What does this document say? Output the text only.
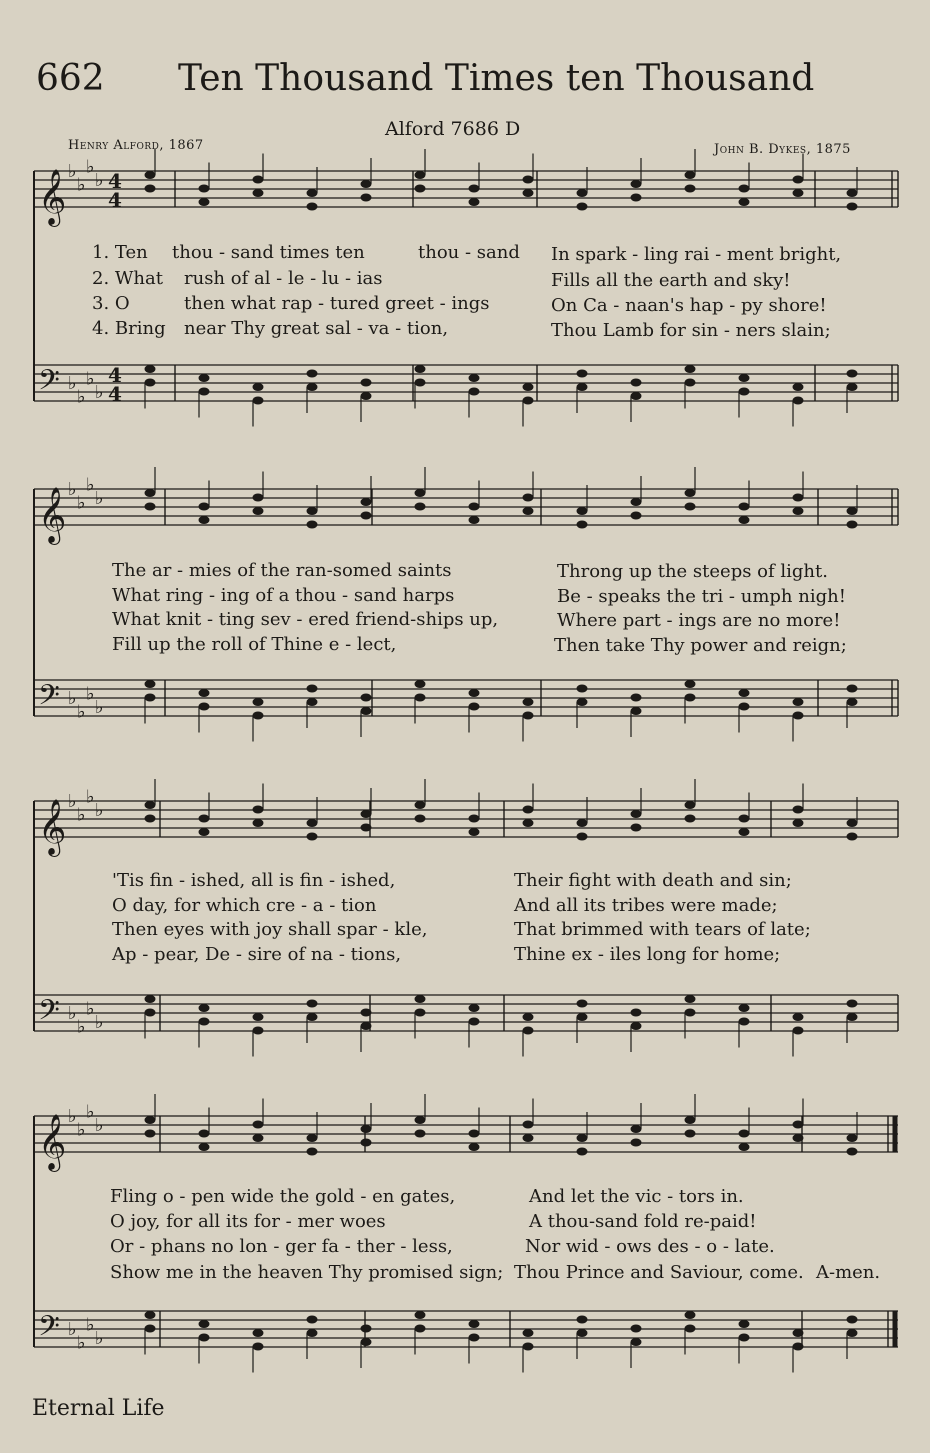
662 Ten Thousand Times ten Thousand
Alford 7686 D
Henry Alford, 1867	John B. Dykes, 1875
𝄞 ♭
♭
♭
♭ 4
4
𝄢 ♭
♭
♭
♭
4
4
𝄞 ♭
♭
♭
♭
𝄢 ♭
♭
♭
♭
𝄞 ♭
♭
♭
♭
𝄢 ♭
♭
♭
♭
𝄞 ♭
♭
♭
♭
𝄢 ♭
♭
♭
♭
1. Ten thou - sand times ten	thou - sand In spark - ling rai - ment bright,
2. What rush of al - le - lu - ias	Fills all the earth and sky!
3. O	then what rap - tured greet - ings	On Ca - naan's hap - py shore!
4. Bring near Thy great sal - va - tion,	Thou Lamb for sin - ners slain;
The ar - mies of the ran-somed saints	Throng up the steeps of light.
What ring - ing of a thou - sand harps	Be - speaks the tri - umph nigh!
What knit - ting sev - ered friend-ships up,	Where part - ings are no more!
Fill up the roll of Thine e - lect,	Then take Thy power and reign;
'Tis fin - ished, all is fin - ished,	Their fight with death and sin;
O day, for which cre - a - tion	And all its tribes were made;
Then eyes with joy shall spar - kle,	That brimmed with tears of late;
Ap - pear, De - sire of na - tions,	Thine ex - iles long for home;
Fling o - pen wide the gold - en gates,	And let the vic - tors in.
O joy, for all its for - mer woes	A thou-sand fold re-paid!
Or - phans no lon - ger fa - ther - less,	Nor wid - ows des - o - late.
Show me in the heaven Thy promised sign; Thou Prince and Saviour, come. A-men.
Eternal Life
